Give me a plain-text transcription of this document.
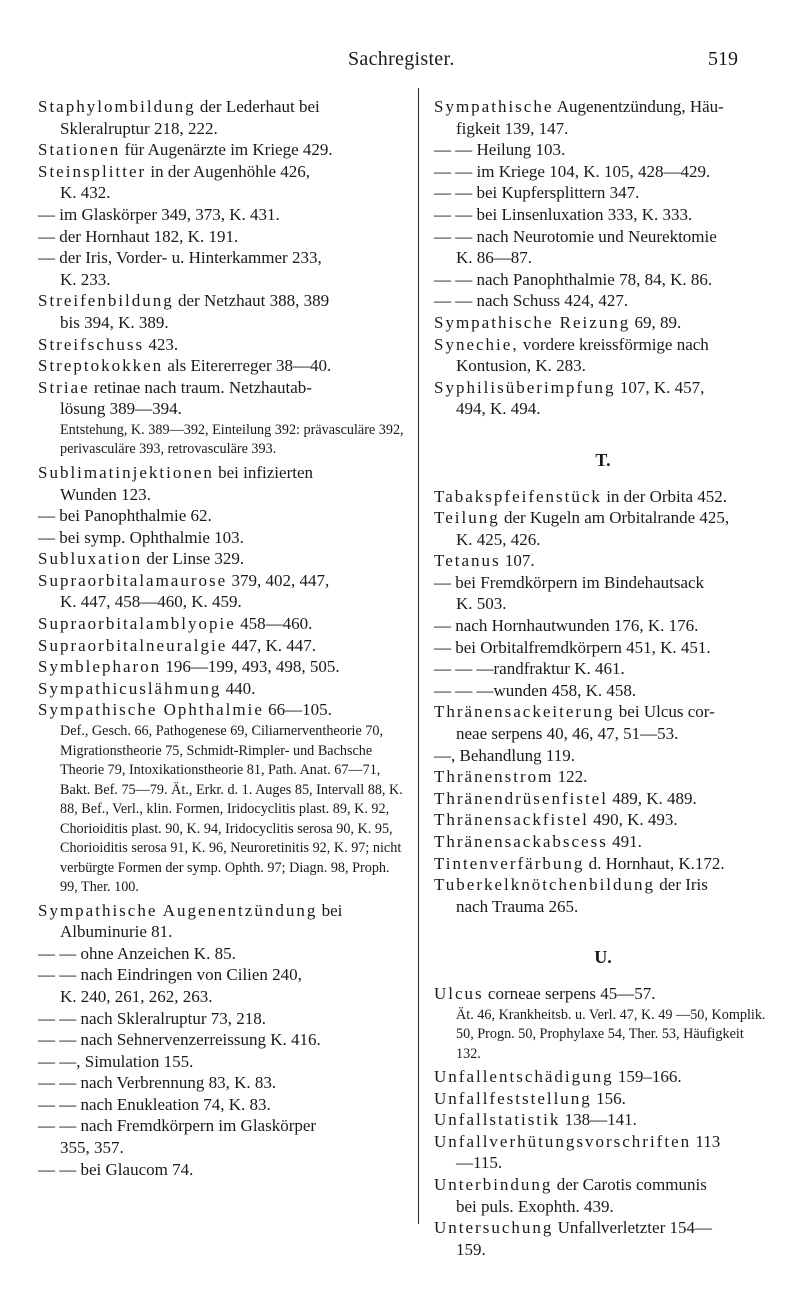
Sachregister.	519

Staphylombildung der Lederhaut bei
Skleralruptur 218, 222.

Stationen für Augenärzte im Kriege 429.

Steinsplitter in der Augenhöhle 426,
K. 432.

— im Glaskörper 349, 373, K. 431.

— der Hornhaut 182, K. 191.

— der Iris, Vorder- u. Hinterkammer 233,
K. 233.

Streifenbildung der Netzhaut 388, 389
bis 394, K. 389.

Streifschuss 423.

Streptokokken als Eitererreger 38—40.

Striae retinae nach traum. Netzhautab-
lösung 389—394.

Entstehung, K. 389—392, Einteilung 392: prävasculäre 392, perivasculäre 393, retrovasculäre 393.

Sublimatinjektionen bei infizierten
Wunden 123.

— bei Panophthalmie 62.

— bei symp. Ophthalmie 103.

Subluxation der Linse 329.

Supraorbitalamaurose 379, 402, 447,
K. 447, 458—460, K. 459.

Supraorbitalamblyopie 458—460.

Supraorbitalneuralgie 447, K. 447.

Symblepharon 196—199, 493, 498, 505.

Sympathicuslähmung 440.

Sympathische Ophthalmie 66—105.

Def., Gesch. 66, Pathogenese 69, Ciliarnerventheorie 70, Migrationstheorie 75, Schmidt-Rimpler- und Bachsche Theorie 79, Intoxikationstheorie 81, Path. Anat. 67—71, Bakt. Bef. 75—79. Ät., Erkr. d. 1. Auges 85, Intervall 88, K. 88, Bef., Verl., klin. Formen, Iridocyclitis plast. 89, K. 92, Chorioiditis plast. 90, K. 94, Iridocyclitis serosa 90, K. 95, Chorioiditis serosa 91, K. 96, Neuroretinitis 92, K. 97; nicht verbürgte Formen der symp. Ophth. 97; Diagn. 98, Proph. 99, Ther. 100.

Sympathische Augenentzündung bei
Albuminurie 81.

— — ohne Anzeichen K. 85.

— — nach Eindringen von Cilien 240,
K. 240, 261, 262, 263.

— — nach Skleralruptur 73, 218.

— — nach Sehnervenzerreissung K. 416.

— —, Simulation 155.

— — nach Verbrennung 83, K. 83.

— — nach Enukleation 74, K. 83.

— — nach Fremdkörpern im Glaskörper
355, 357.

— — bei Glaucom 74.

Sympathische Augenentzündung, Häu-
figkeit 139, 147.

— — Heilung 103.

— — im Kriege 104, K. 105, 428—429.

— — bei Kupfersplittern 347.

— — bei Linsenluxation 333, K. 333.

— — nach Neurotomie und Neurektomie
K. 86—87.

— — nach Panophthalmie 78, 84, K. 86.

— — nach Schuss 424, 427.

Sympathische Reizung 69, 89.

Synechie, vordere kreissförmige nach
Kontusion, K. 283.

Syphilisüberimpfung 107, K. 457,
494, K. 494.

T.

Tabakspfeifenstück in der Orbita 452.

Teilung der Kugeln am Orbitalrande 425,
K. 425, 426.

Tetanus 107.

— bei Fremdkörpern im Bindehautsack
K. 503.

— nach Hornhautwunden 176, K. 176.

— bei Orbitalfremdkörpern 451, K. 451.

— — —randfraktur K. 461.

— — —wunden 458, K. 458.

Thränensackeiterung bei Ulcus cor-
neae serpens 40, 46, 47, 51—53.

—, Behandlung 119.

Thränenstrom 122.

Thränendrüsenfistel 489, K. 489.

Thränensackfistel 490, K. 493.

Thränensackabscess 491.

Tintenverfärbung d. Hornhaut, K.172.

Tuberkelknötchenbildung der Iris
nach Trauma 265.

U.

Ulcus corneae serpens 45—57.

Ät. 46, Krankheitsb. u. Verl. 47, K. 49 —50, Komplik. 50, Progn. 50, Prophylaxe 54, Ther. 53, Häufigkeit 132.

Unfallentschädigung 159–166.

Unfallfeststellung 156.

Unfallstatistik 138—141.

Unfallverhütungsvorschriften 113
—115.

Unterbindung der Carotis communis
bei puls. Exophth. 439.

Untersuchung Unfallverletzter 154—
159.
